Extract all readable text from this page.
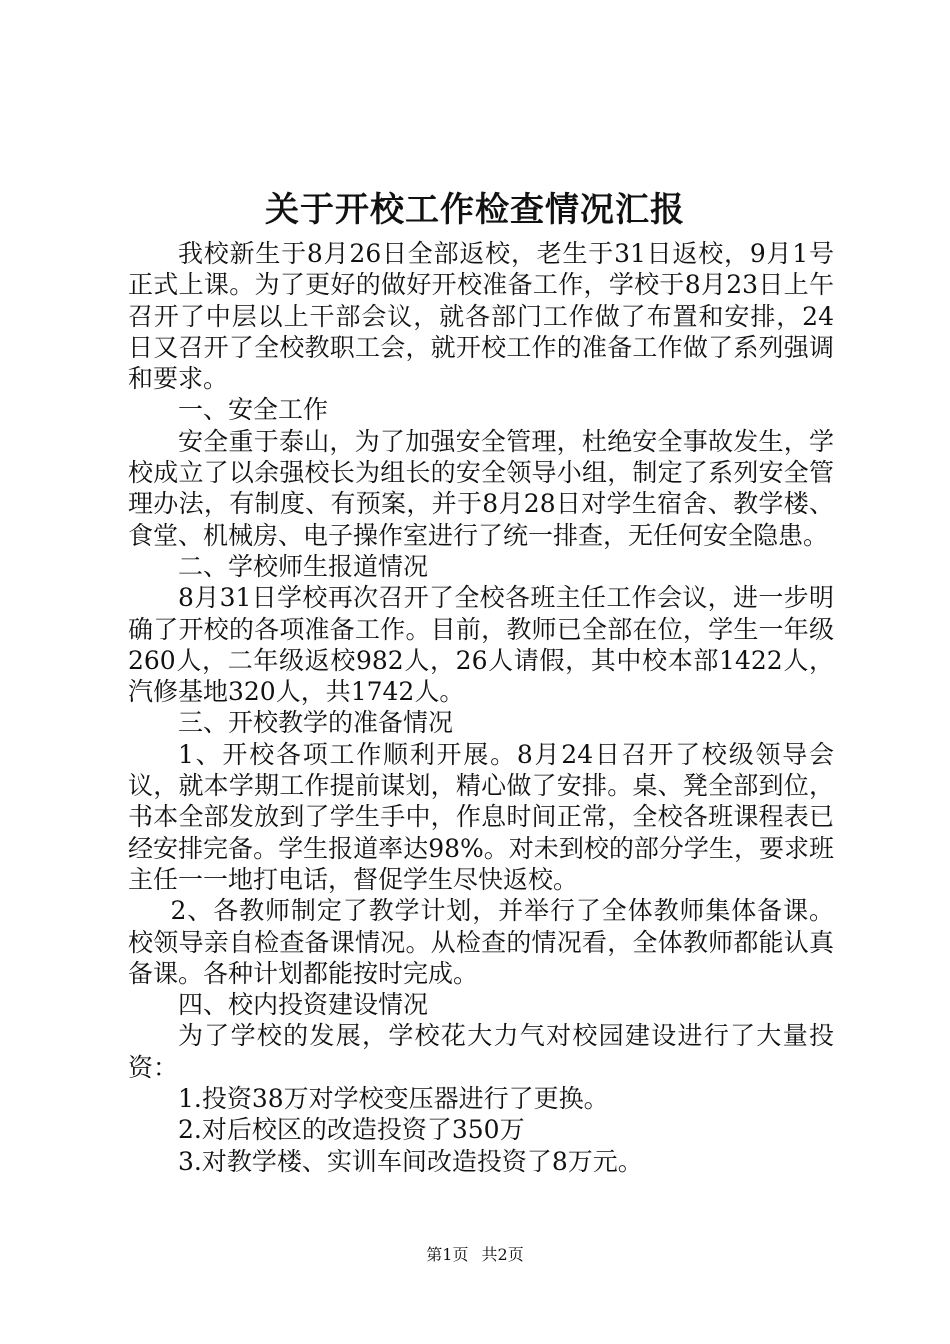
关于开校工作检查情况汇报

我校新生于8月26日全部返校，老生于31日返校，9月1号正式上课。为了更好的做好开校准备工作，学校于8月23日上午召开了中层以上干部会议，就各部门工作做了布置和安排，24日又召开了全校教职工会，就开校工作的准备工作做了系列强调和要求。

一、安全工作

安全重于泰山，为了加强安全管理，杜绝安全事故发生，学校成立了以余强校长为组长的安全领导小组，制定了系列安全管理办法，有制度、有预案，并于8月28日对学生宿舍、教学楼、食堂、机械房、电子操作室进行了统一排查，无任何安全隐患。

二、学校师生报道情况

8月31日学校再次召开了全校各班主任工作会议，进一步明确了开校的各项准备工作。目前，教师已全部在位，学生一年级260人，二年级返校982人，26人请假，其中校本部1422人，汽修基地320人，共1742人。

三、开校教学的准备情况

1、开校各项工作顺利开展。8月24日召开了校级领导会议，就本学期工作提前谋划，精心做了安排。桌、凳全部到位，书本全部发放到了学生手中，作息时间正常，全校各班课程表已经安排完备。学生报道率达98%。对未到校的部分学生，要求班主任一一地打电话，督促学生尽快返校。

2、各教师制定了教学计划，并举行了全体教师集体备课。校领导亲自检查备课情况。从检查的情况看，全体教师都能认真备课。各种计划都能按时完成。

四、校内投资建设情况

为了学校的发展，学校花大力气对校园建设进行了大量投资：

1.投资38万对学校变压器进行了更换。

2.对后校区的改造投资了350万

3.对教学楼、实训车间改造投资了8万元。

第1页 共2页
